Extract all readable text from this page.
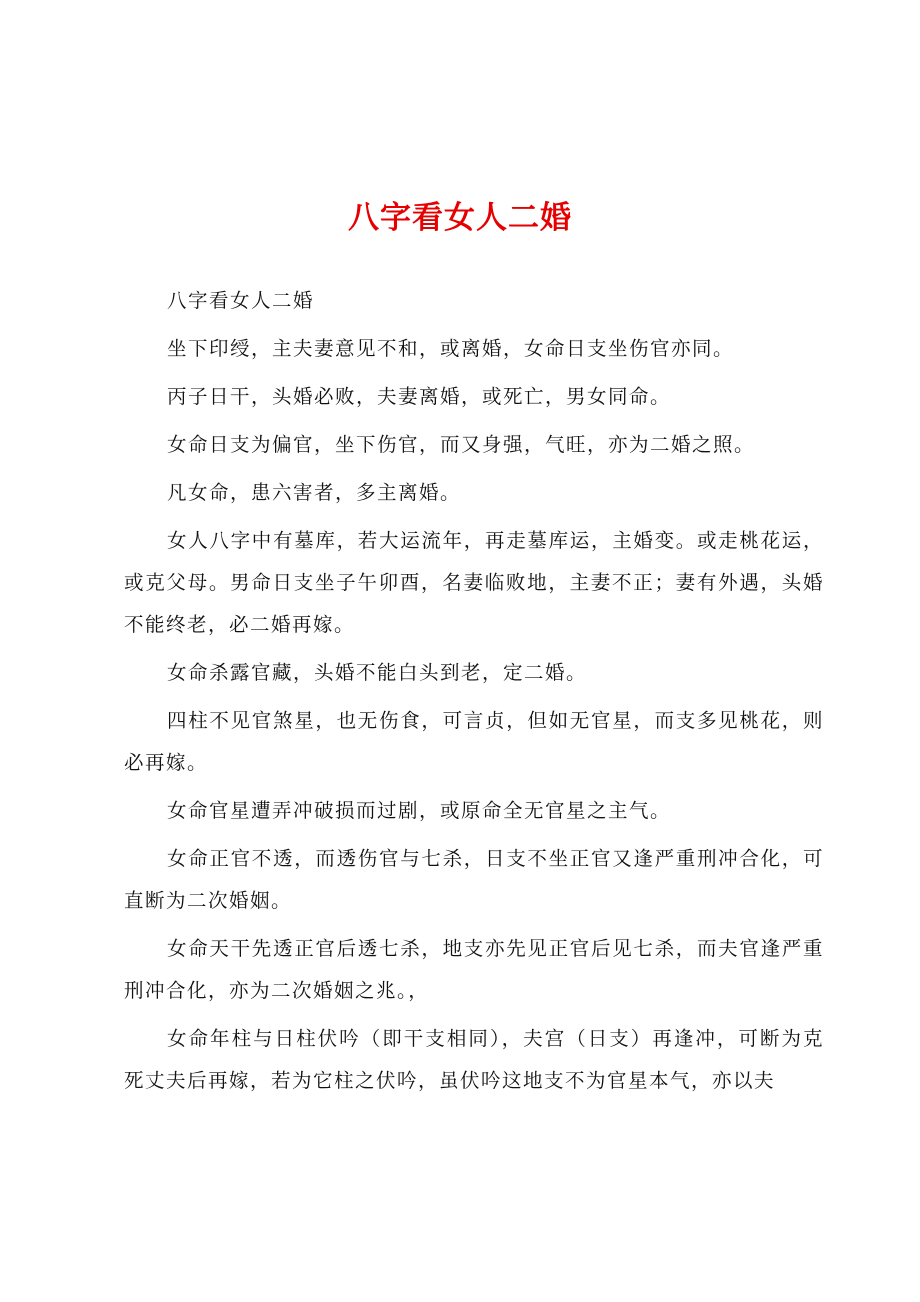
八字看女人二婚

八字看女人二婚

坐下印绶，主夫妻意见不和，或离婚，女命日支坐伤官亦同。

丙子日干，头婚必败，夫妻离婚，或死亡，男女同命。

女命日支为偏官，坐下伤官，而又身强，气旺，亦为二婚之照。

凡女命，患六害者，多主离婚。

女人八字中有墓库，若大运流年，再走墓库运，主婚变。或走桃花运，或克父母。男命日支坐子午卯酉，名妻临败地，主妻不正；妻有外遇，头婚不能终老，必二婚再嫁。

女命杀露官藏，头婚不能白头到老，定二婚。

四柱不见官煞星，也无伤食，可言贞，但如无官星，而支多见桃花，则必再嫁。

女命官星遭弄冲破损而过剧，或原命全无官星之主气。

女命正官不透，而透伤官与七杀，日支不坐正官又逢严重刑冲合化，可直断为二次婚姻。

女命天干先透正官后透七杀，地支亦先见正官后见七杀，而夫官逢严重刑冲合化，亦为二次婚姻之兆。，

女命年柱与日柱伏吟（即干支相同），夫宫（日支）再逢冲，可断为克死丈夫后再嫁，若为它柱之伏吟，虽伏吟这地支不为官星本气，亦以夫
